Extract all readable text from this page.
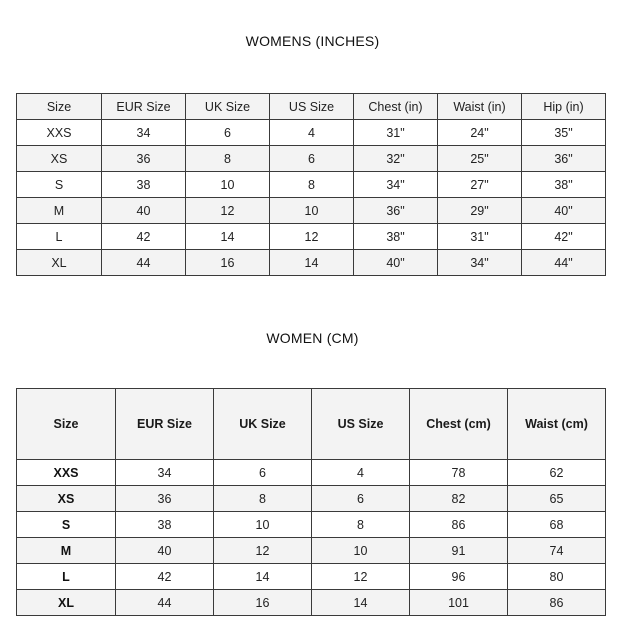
WOMENS (INCHES)
Size	EUR Size	UK Size	US Size	Chest (in)	Waist (in)	Hip (in)
XXS	34	6	4	31"	24"	35"
XS	36	8	6	32"	25"	36"
S	38	10	8	34"	27"	38"
M	40	12	10	36"	29"	40"
L	42	14	12	38"	31"	42"
XL	44	16	14	40"	34"	44"
WOMEN (CM)
Size	EUR Size	UK Size	US Size	Chest (cm)	Waist (cm)
XXS	34	6	4	78	62
XS	36	8	6	82	65
S	38	10	8	86	68
M	40	12	10	91	74
L	42	14	12	96	80
XL	44	16	14	101	86
